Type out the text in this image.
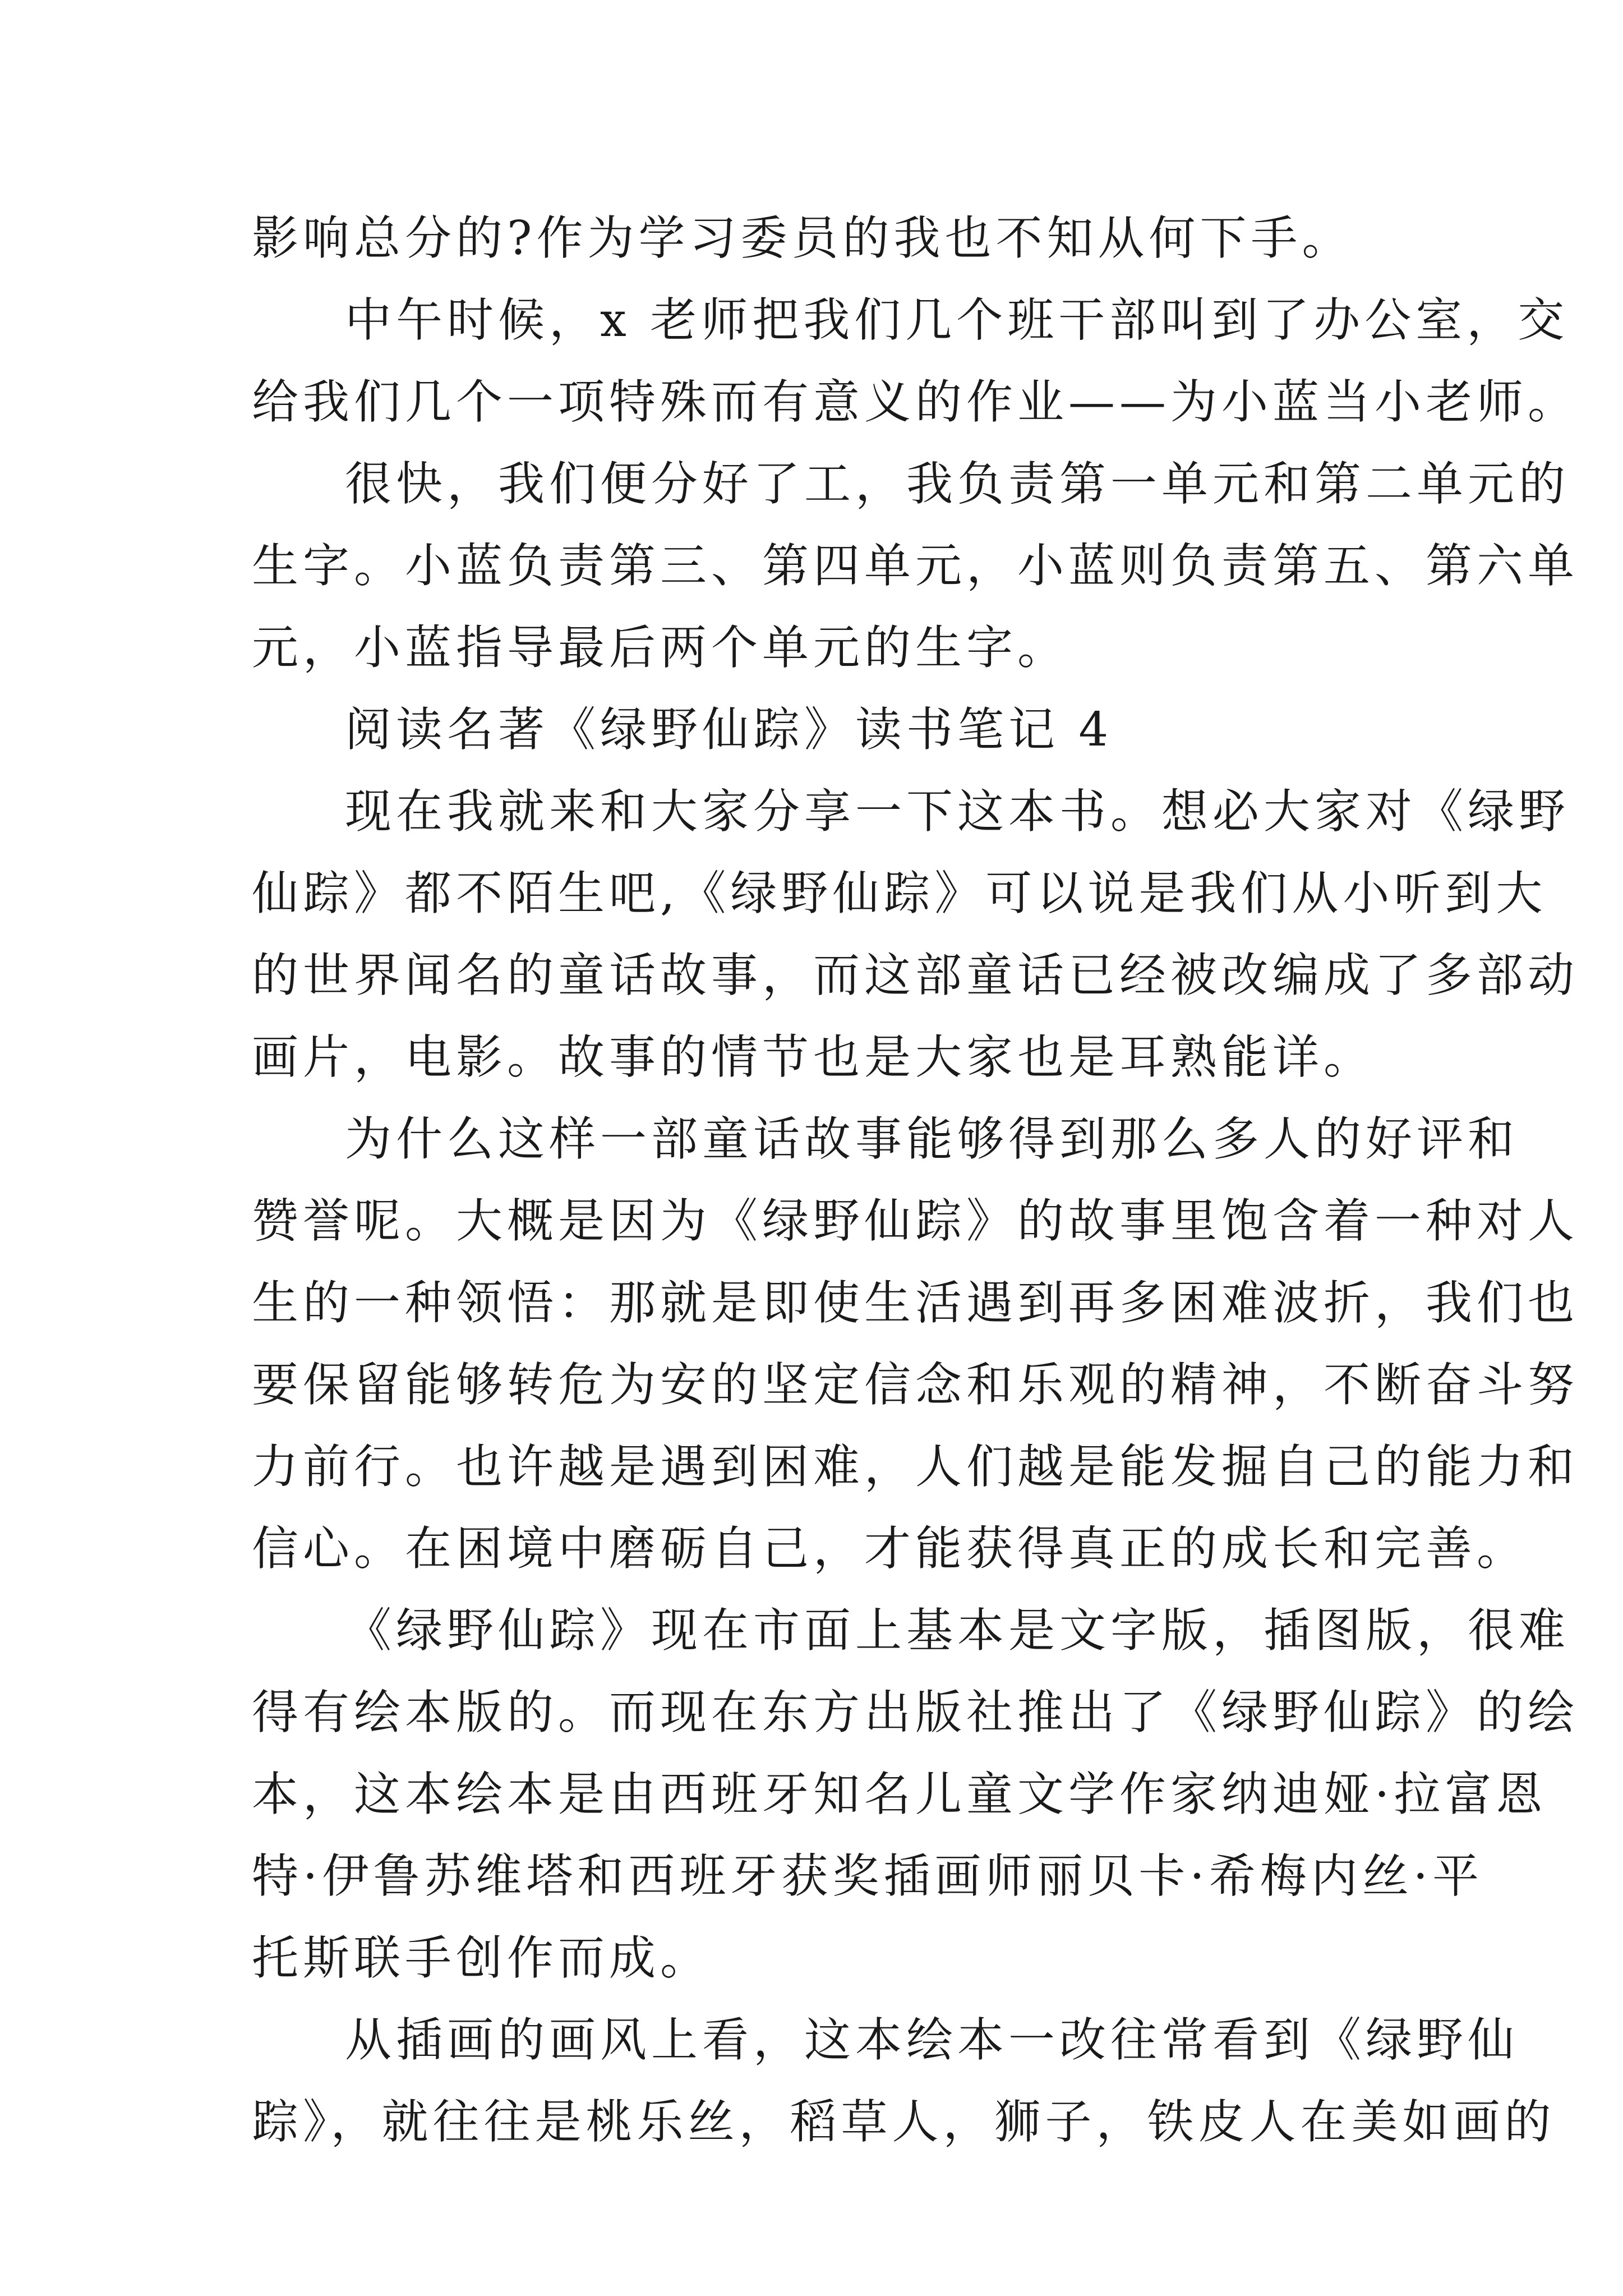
影响总分的?作为学习委员的我也不知从何下手。
中午时候，x 老师把我们几个班干部叫到了办公室，交
给我们几个一项特殊而有意义的作业——为小蓝当小老师。
很快，我们便分好了工，我负责第一单元和第二单元的
生字。小蓝负责第三、第四单元，小蓝则负责第五、第六单
元，小蓝指导最后两个单元的生字。
阅读名著《绿野仙踪》读书笔记 4
现在我就来和大家分享一下这本书。想必大家对《绿野
仙踪》都不陌生吧,《绿野仙踪》可以说是我们从小听到大
的世界闻名的童话故事，而这部童话已经被改编成了多部动
画片，电影。故事的情节也是大家也是耳熟能详。
为什么这样一部童话故事能够得到那么多人的好评和
赞誉呢。大概是因为《绿野仙踪》的故事里饱含着一种对人
生的一种领悟：那就是即使生活遇到再多困难波折，我们也
要保留能够转危为安的坚定信念和乐观的精神，不断奋斗努
力前行。也许越是遇到困难，人们越是能发掘自己的能力和
信心。在困境中磨砺自己，才能获得真正的成长和完善。
《绿野仙踪》现在市面上基本是文字版，插图版，很难
得有绘本版的。而现在东方出版社推出了《绿野仙踪》的绘
本，这本绘本是由西班牙知名儿童文学作家纳迪娅·拉富恩
特·伊鲁苏维塔和西班牙获奖插画师丽贝卡·希梅内丝·平
托斯联手创作而成。
从插画的画风上看，这本绘本一改往常看到《绿野仙
踪》，就往往是桃乐丝，稻草人，狮子，铁皮人在美如画的
